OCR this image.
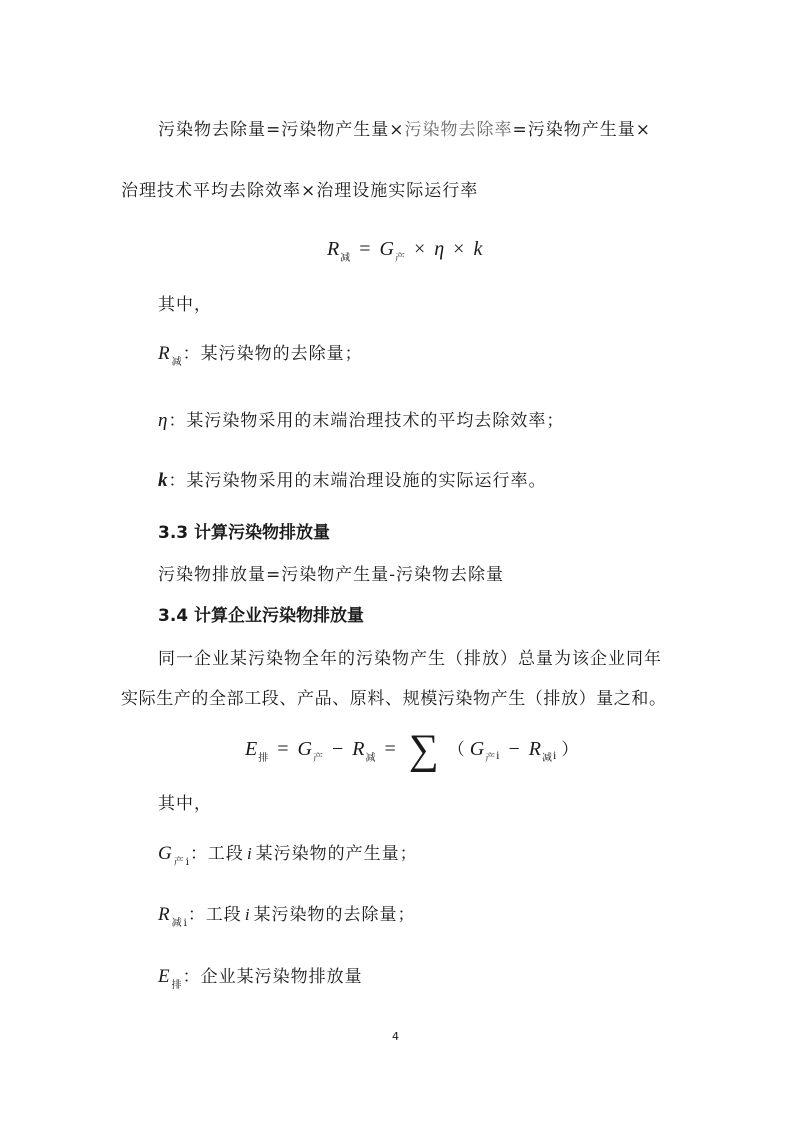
污染物去除量=污染物产生量×污染物去除率=污染物产生量×
治理技术平均去除效率×治理设施实际运行率
$R_减 = G_产 \times \eta \times k$
其中，
$R_减$：某污染物的去除量；
η：某污染物采用的末端治理技术的平均去除效率；
k：某污染物采用的末端治理设施的实际运行率。
3.3 计算污染物排放量
污染物排放量=污染物产生量-污染物去除量
3.4 计算企业污染物排放量
同一企业某污染物全年的污染物产生（排放）总量为该企业同年
实际生产的全部工段、产品、原料、规模污染物产生（排放）量之和。
$E_排 = G_产 - R_减$ = ∑ （ $G_{产i} - R_{减i}$ ）
其中，
$G_{产i}$：工段 i 某污染物的产生量；
$R_{减i}$：工段 i 某污染物的去除量；
$E_排$：企业某污染物排放量
4
